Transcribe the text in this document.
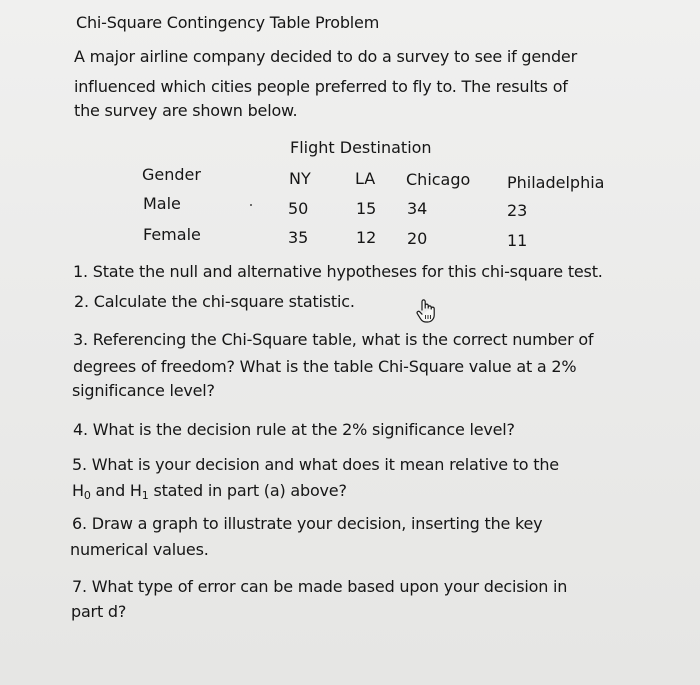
Chi-Square Contingency Table Problem
A major airline company decided to do a survey to see if gender
influenced which cities people preferred to fly to. The results of
the survey are shown below.
Flight Destination
Gender	NY	LA Chicago Philadelphia
Male	50	15 34	23
Female	35	12 20	11
1. State the null and alternative hypotheses for this chi-square test.
2. Calculate the chi-square statistic.
3. Referencing the Chi-Square table, what is the correct number of
degrees of freedom? What is the table Chi-Square value at a 2%
significance level?
4. What is the decision rule at the 2% significance level?
5. What is your decision and what does it mean relative to the
$H_0$ and $H_1$ stated in part (a) above?
6. Draw a graph to illustrate your decision, inserting the key
numerical values.
7. What type of error can be made based upon your decision in
part d?
